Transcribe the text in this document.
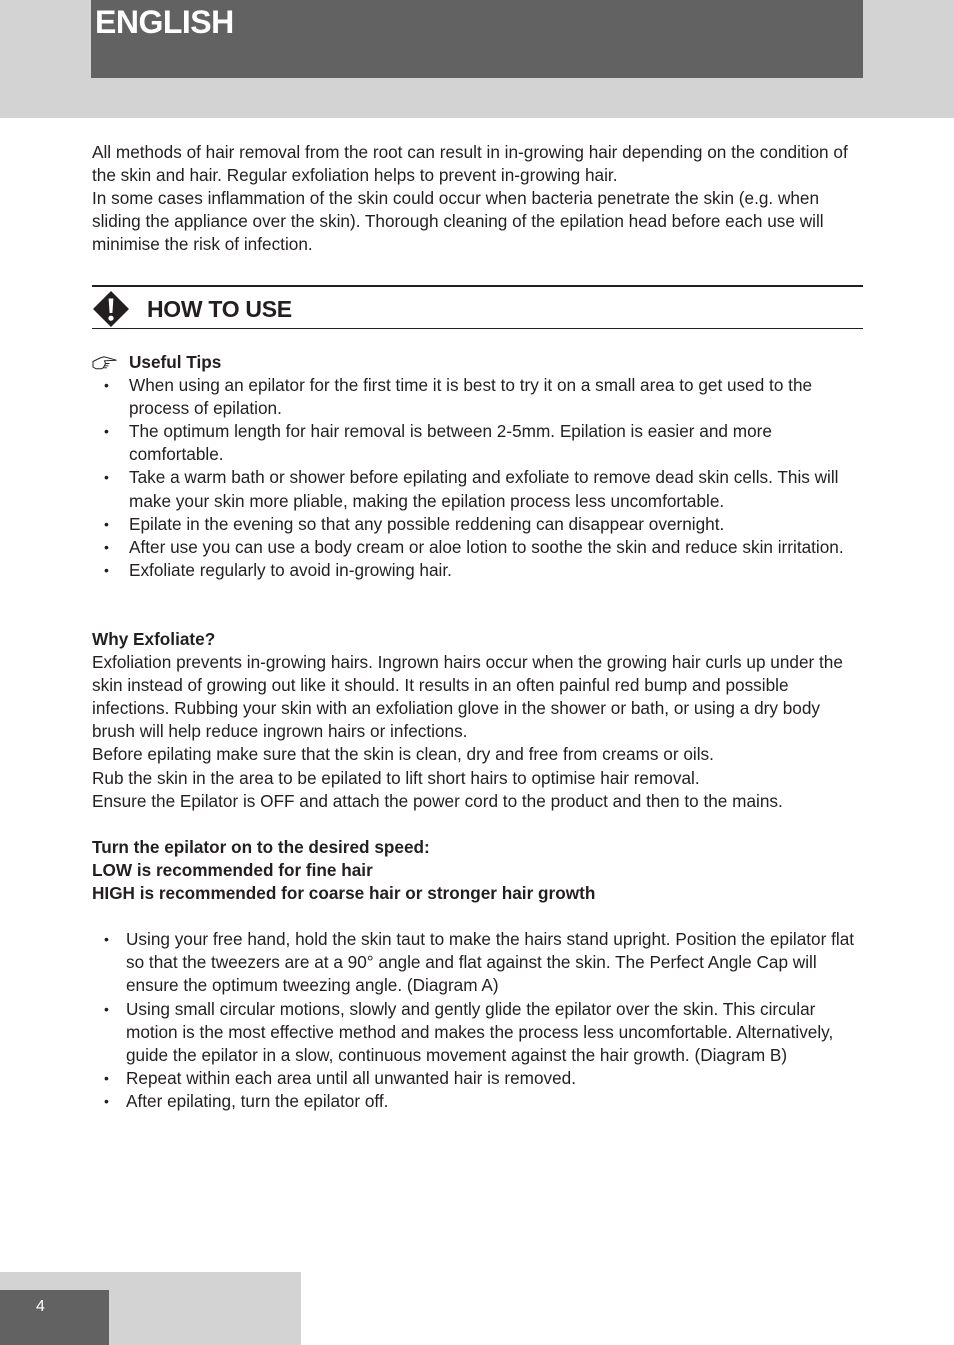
ENGLISH

All methods of hair removal from the root can result in in-growing hair depending on the condition of the skin and hair. Regular exfoliation helps to prevent in-growing hair.

In some cases inflammation of the skin could occur when bacteria penetrate the skin (e.g. when sliding the appliance over the skin). Thorough cleaning of the epilation head before each use will minimise the risk of infection.

HOW TO USE
Useful Tips
• When using an epilator for the first time it is best to try it on a small area to get used to the process of epilation.
• The optimum length for hair removal is between 2-5mm. Epilation is easier and more comfortable.
• Take a warm bath or shower before epilating and exfoliate to remove dead skin cells. This will make your skin more pliable, making the epilation process less uncomfortable.
• Epilate in the evening so that any possible reddening can disappear overnight.
• After use you can use a body cream or aloe lotion to soothe the skin and reduce skin irritation.
• Exfoliate regularly to avoid in-growing hair.

Why Exfoliate?

Exfoliation prevents in-growing hairs. Ingrown hairs occur when the growing hair curls up under the skin instead of growing out like it should. It results in an often painful red bump and possible infections. Rubbing your skin with an exfoliation glove in the shower or bath, or using a dry body brush will help reduce ingrown hairs or infections.

Before epilating make sure that the skin is clean, dry and free from creams or oils.

Rub the skin in the area to be epilated to lift short hairs to optimise hair removal.

Ensure the Epilator is OFF and attach the power cord to the product and then to the mains.

Turn the epilator on to the desired speed:

LOW is recommended for fine hair

HIGH is recommended for coarse hair or stronger hair growth

• Using your free hand, hold the skin taut to make the hairs stand upright. Position the epilator flat so that the tweezers are at a 90° angle and flat against the skin. The Perfect Angle Cap will ensure the optimum tweezing angle. (Diagram A)
• Using small circular motions, slowly and gently glide the epilator over the skin. This circular motion is the most effective method and makes the process less uncomfortable. Alternatively, guide the epilator in a slow, continuous movement against the hair growth. (Diagram B)
• Repeat within each area until all unwanted hair is removed.
• After epilating, turn the epilator off.
4
